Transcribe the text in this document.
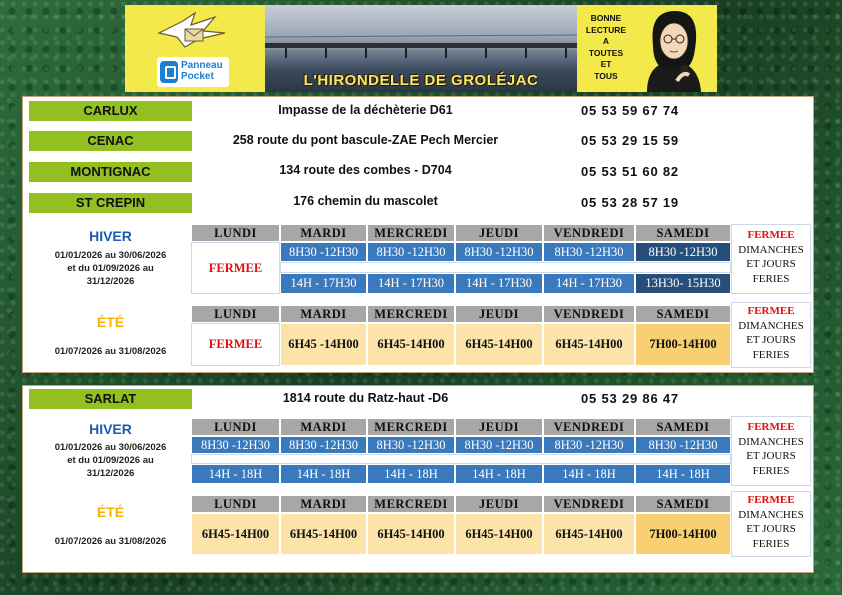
Panneau
Pocket	L'HIRONDELLE DE GROLÉJAC
BONNE
LECTURE
A
TOUTES
ET
TOUS
CARLUX	Impasse de la déchèterie D61	05 53 59 67 74
CENAC	258 route du pont bascule-ZAE Pech Mercier	05 53 29 15 59
MONTIGNAC	134 route des combes - D704	05 53 51 60 82
ST CREPIN	176 chemin du mascolet	05 53 28 57 19
HIVER
01/01/2026 au 30/06/2026
et du 01/09/2026 au
31/12/2026
LUNDI	MARDI	MERCREDI	JEUDI	VENDREDI	SAMEDI
FERMEE
8H30 -12H30	8H30 -12H30	8H30 -12H30	8H30 -12H30	8H30 -12H30
14H - 17H30	14H - 17H30	14H - 17H30	14H - 17H30	13H30- 15H30
FERMEE
DIMANCHES
ET JOURS
FERIES
ÉTÉ
01/07/2026 au 31/08/2026
LUNDI	MARDI	MERCREDI	JEUDI	VENDREDI	SAMEDI
FERMEE	6H45 -14H00	6H45-14H00	6H45-14H00	6H45-14H00	7H00-14H00
FERMEE
DIMANCHES
ET JOURS
FERIES
SARLAT	1814 route du Ratz-haut -D6	05 53 29 86 47
HIVER
01/01/2026 au 30/06/2026
et du 01/09/2026 au
31/12/2026
LUNDI	MARDI	MERCREDI	JEUDI	VENDREDI	SAMEDI
8H30 -12H30	8H30 -12H30	8H30 -12H30	8H30 -12H30	8H30 -12H30	8H30 -12H30
14H - 18H	14H - 18H	14H - 18H	14H - 18H	14H - 18H	14H - 18H
FERMEE
DIMANCHES
ET JOURS
FERIES
ÉTÉ
01/07/2026 au 31/08/2026
LUNDI	MARDI	MERCREDI	JEUDI	VENDREDI	SAMEDI
6H45-14H00	6H45-14H00	6H45-14H00	6H45-14H00	6H45-14H00	7H00-14H00
FERMEE
DIMANCHES
ET JOURS
FERIES
